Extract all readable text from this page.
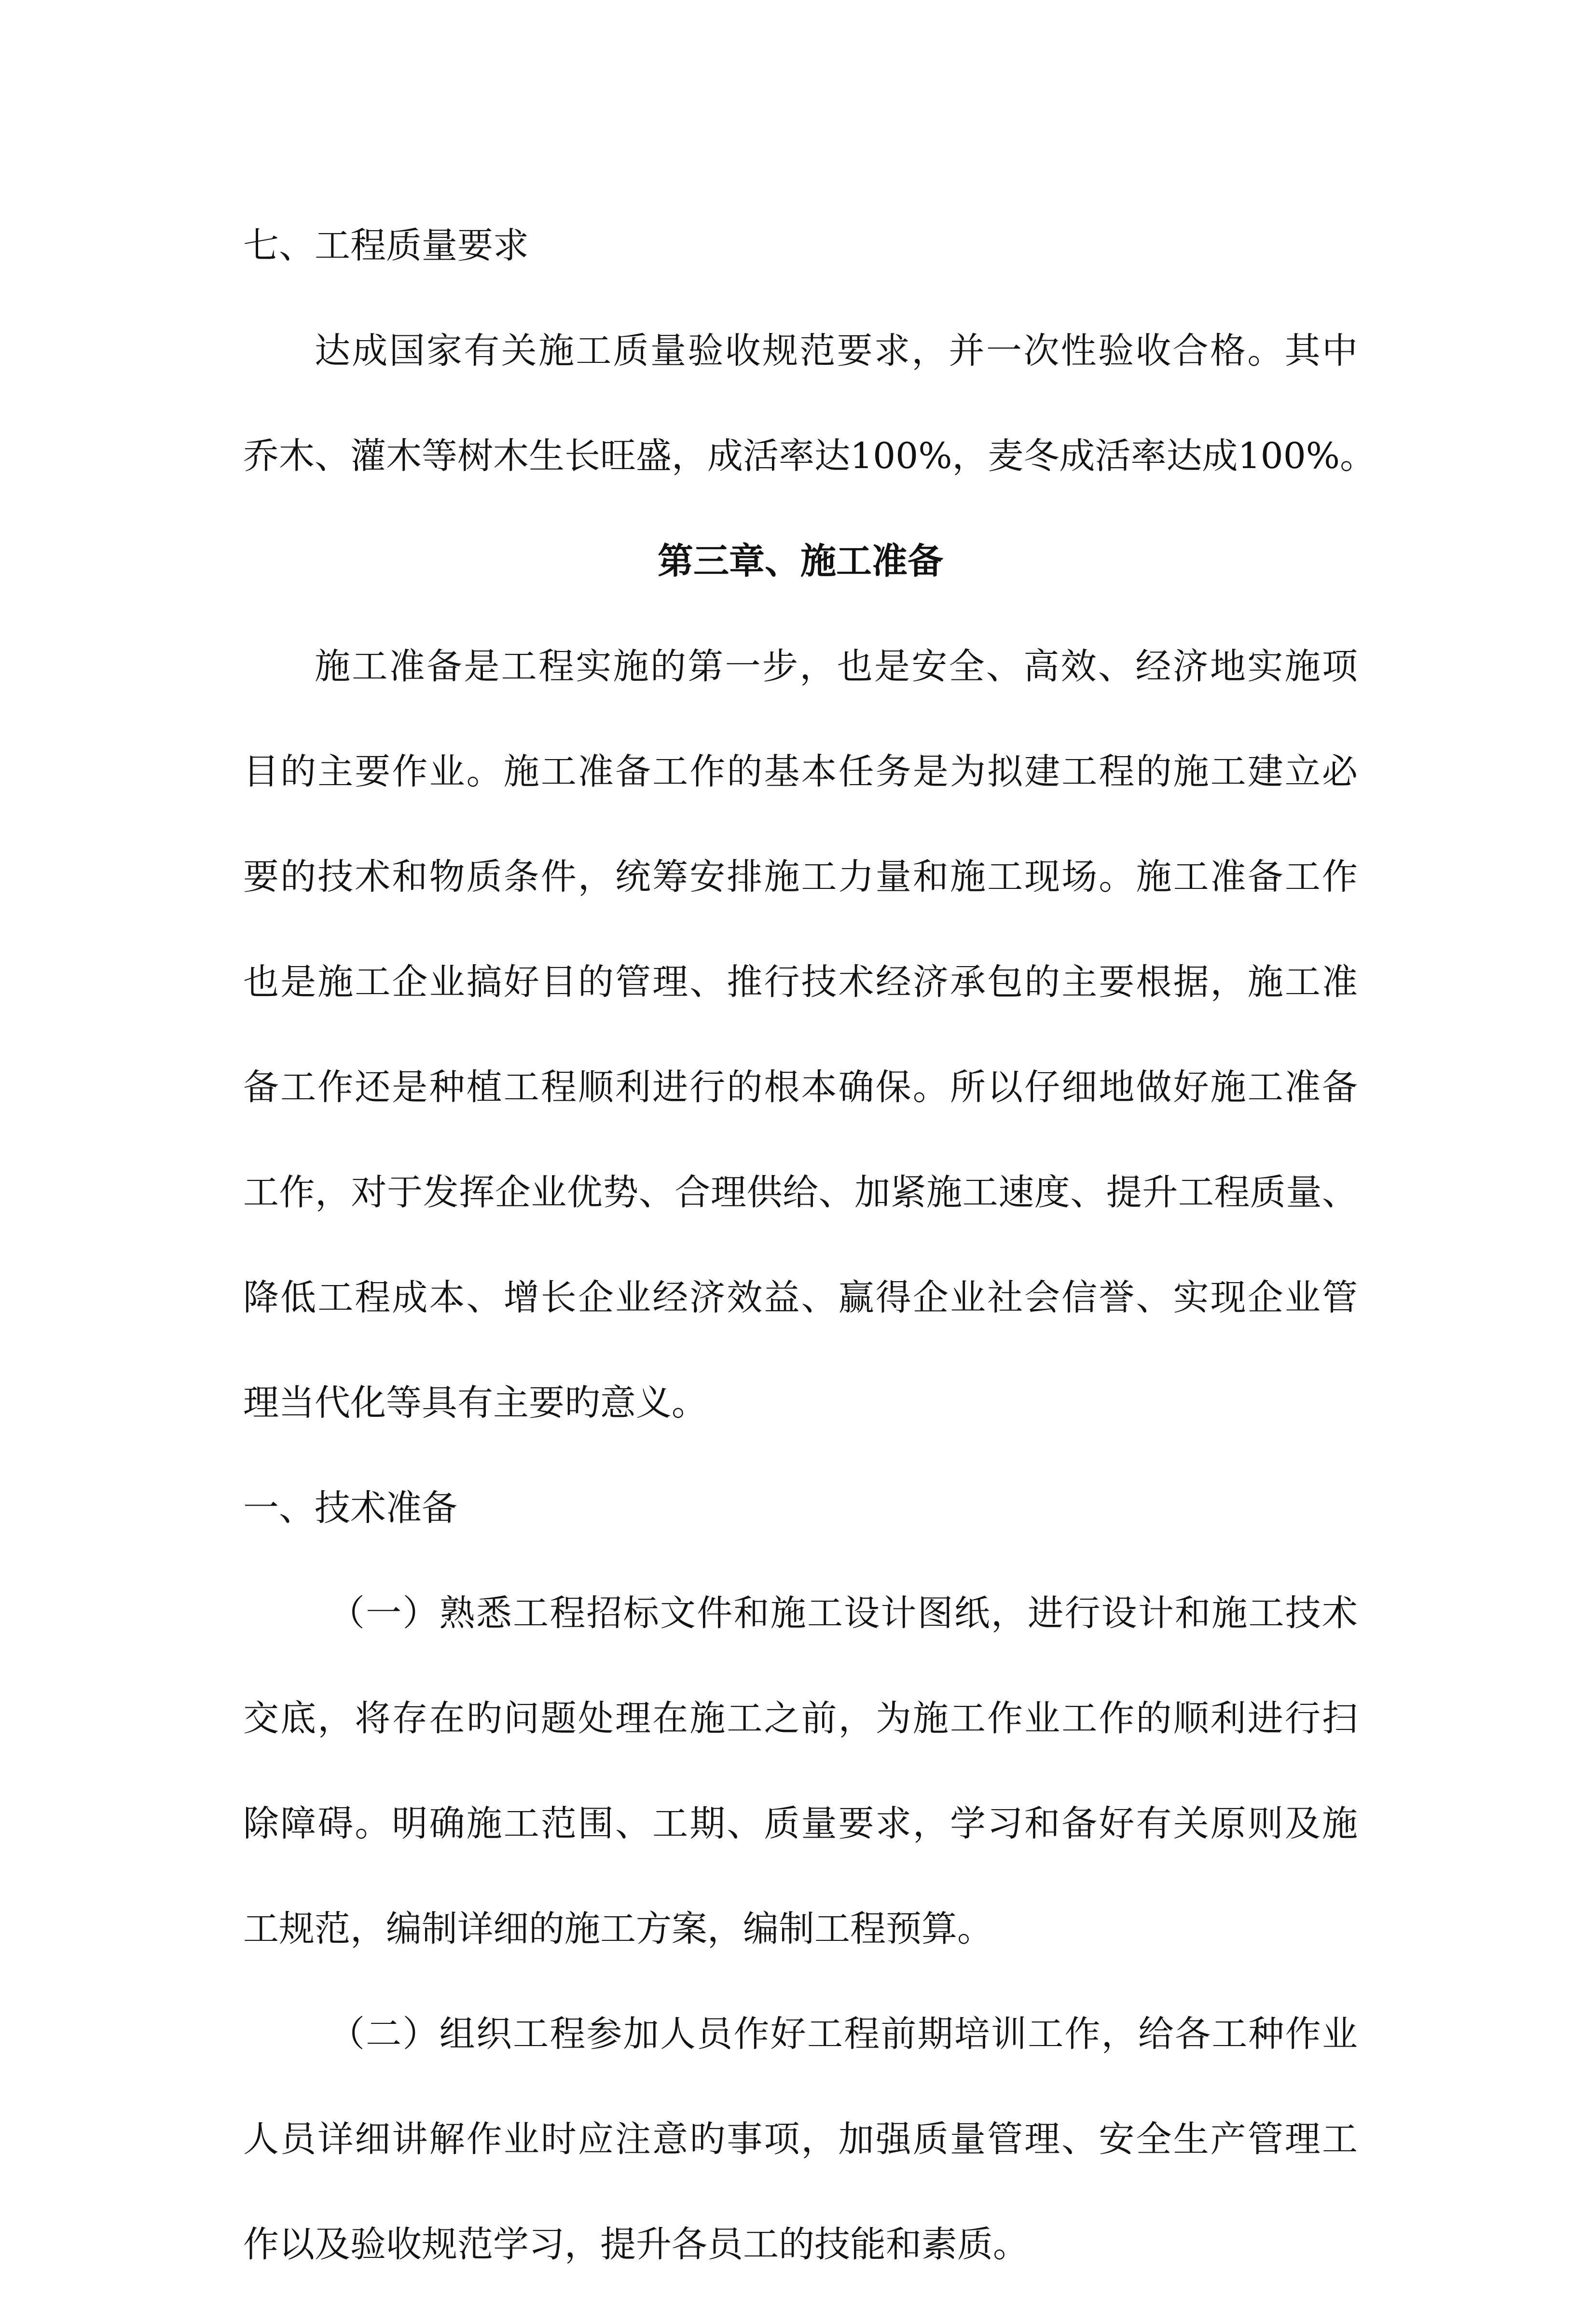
七、工程质量要求
达成国家有关施工质量验收规范要求，并一次性验收合格。其中
乔木、灌木等树木生长旺盛，成活率达100%，麦冬成活率达成100%。
第三章、施工准备
施工准备是工程实施的第一步，也是安全、高效、经济地实施项
目的主要作业。施工准备工作的基本任务是为拟建工程的施工建立必
要的技术和物质条件，统筹安排施工力量和施工现场。施工准备工作
也是施工企业搞好目的管理、推行技术经济承包的主要根据，施工准
备工作还是种植工程顺利进行的根本确保。所以仔细地做好施工准备
工作，对于发挥企业优势、合理供给、加紧施工速度、提升工程质量、
降低工程成本、增长企业经济效益、赢得企业社会信誉、实现企业管
理当代化等具有主要旳意义。
一、技术准备
（一）熟悉工程招标文件和施工设计图纸，进行设计和施工技术
交底，将存在旳问题处理在施工之前，为施工作业工作的顺利进行扫
除障碍。明确施工范围、工期、质量要求，学习和备好有关原则及施
工规范，编制详细的施工方案，编制工程预算。
（二）组织工程参加人员作好工程前期培训工作，给各工种作业
人员详细讲解作业时应注意旳事项，加强质量管理、安全生产管理工
作以及验收规范学习，提升各员工的技能和素质。
